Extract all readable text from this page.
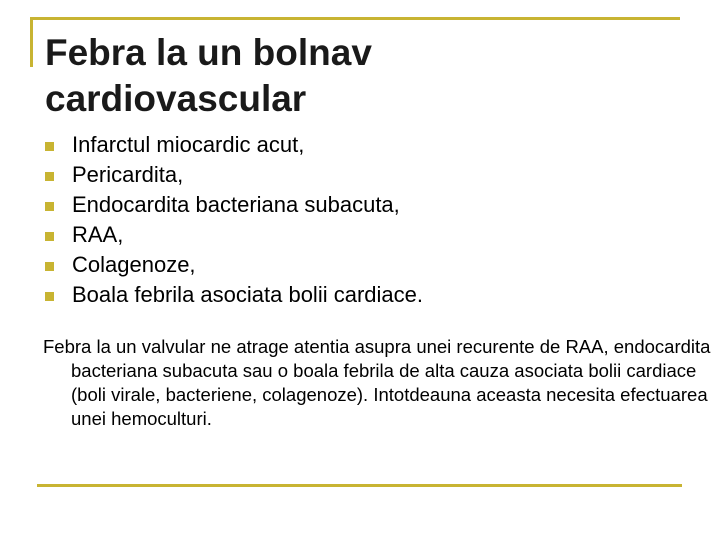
Febra la un bolnav
cardiovascular
Infarctul miocardic acut,
Pericardita,
Endocardita bacteriana subacuta,
RAA,
Colagenoze,
Boala febrila asociata bolii cardiace.

Febra la un valvular ne atrage atentia asupra unei recurente de RAA, endocardita bacteriana subacuta sau o boala febrila de alta cauza asociata bolii cardiace (boli virale, bacteriene, colagenoze). Intotdeauna aceasta necesita efectuarea unei hemoculturi.
